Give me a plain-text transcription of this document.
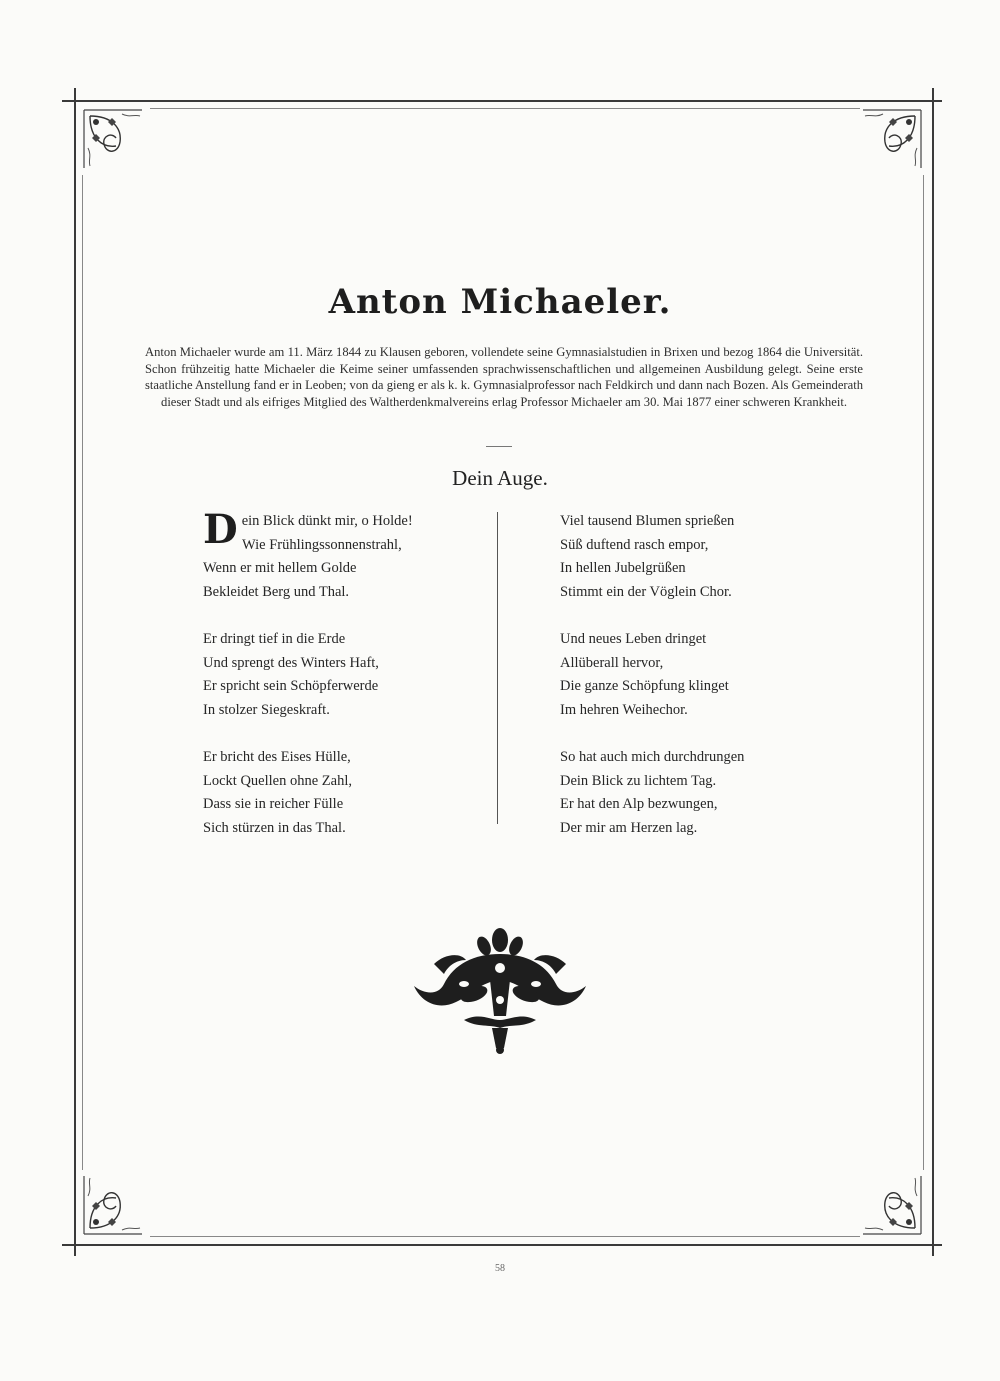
Anton Michaeler.
Anton Michaeler wurde am 11. März 1844 zu Klausen geboren, vollendete seine Gymnasialstudien in Brixen und bezog 1864 die Universität. Schon frühzeitig hatte Michaeler die Keime seiner umfassenden sprachwissenschaftlichen und allgemeinen Ausbildung gelegt. Seine erste staatliche Anstellung fand er in Leoben; von da gieng er als k. k. Gymnasialprofessor nach Feldkirch und dann nach Bozen. Als Gemeinderath dieser Stadt und als eifriges Mitglied des Waltherdenkmalvereins erlag Professor Michaeler am 30. Mai 1877 einer schweren Krankheit.
Dein Auge.
Dein Blick dünkt mir, o Holde!
Wie Frühlingssonnenstrahl,
Wenn er mit hellem Golde
Bekleidet Berg und Thal.
Er dringt tief in die Erde
Und sprengt des Winters Haft,
Er spricht sein Schöpferwerde
In stolzer Siegeskraft.
Er bricht des Eises Hülle,
Lockt Quellen ohne Zahl,
Dass sie in reicher Fülle
Sich stürzen in das Thal.
Viel tausend Blumen sprießen
Süß duftend rasch empor,
In hellen Jubelgrüßen
Stimmt ein der Vöglein Chor.
Und neues Leben dringet
Allüberall hervor,
Die ganze Schöpfung klinget
Im hehren Weihechor.
So hat auch mich durchdrungen
Dein Blick zu lichtem Tag.
Er hat den Alp bezwungen,
Der mir am Herzen lag.
58
